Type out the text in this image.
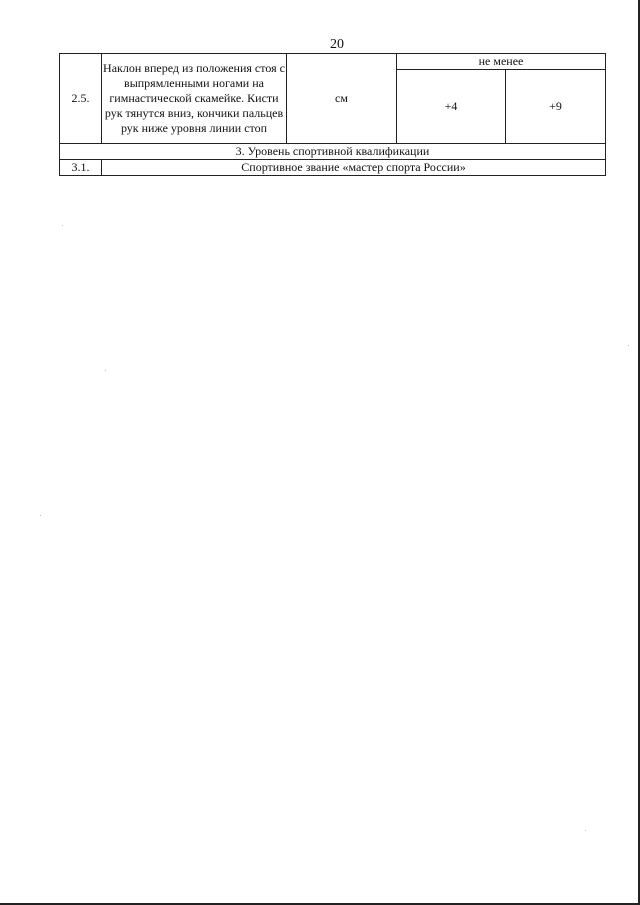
20
2.5.	Наклон вперед из положения стоя с выпрямленными ногами на гимнастической скамейке. Кисти рук тянутся вниз, кончики пальцев рук ниже уровня линии стоп	см	не менее	
			+4	+9
3. Уровень спортивной квалификации				
3.1.	Спортивное звание «мастер спорта России»			
